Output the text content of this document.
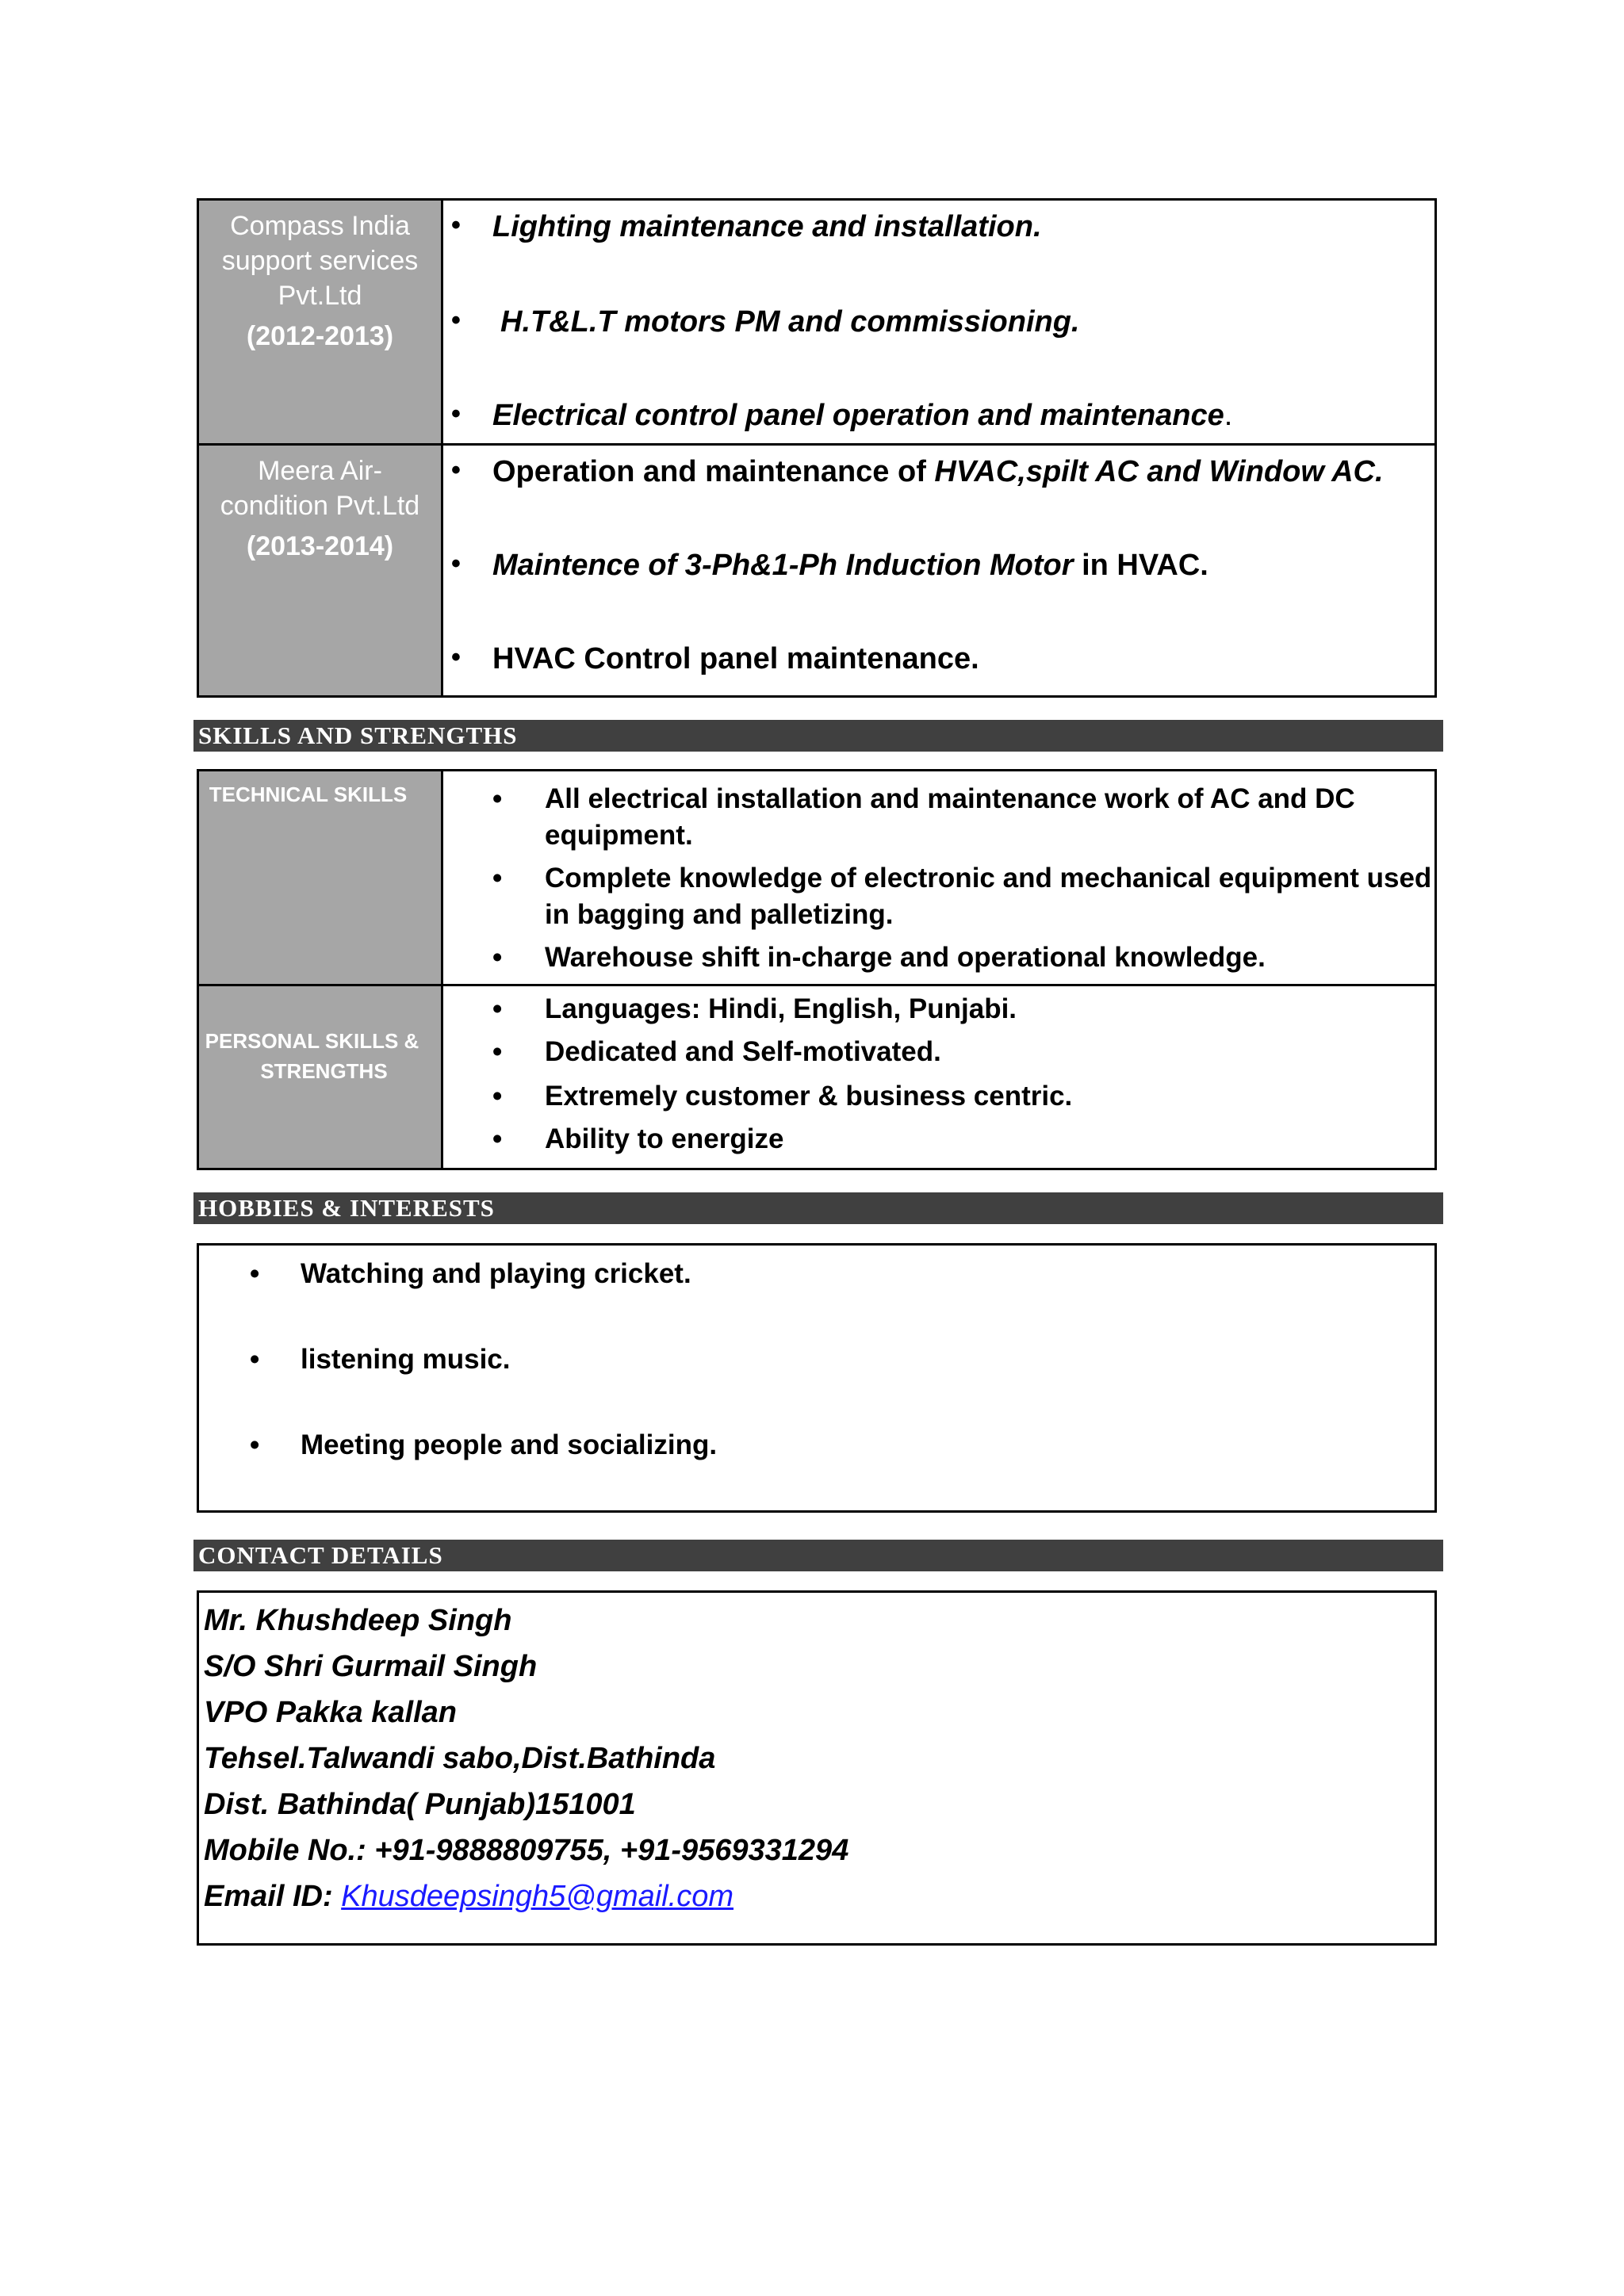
Compass India
support services
Pvt.Ltd
(2012-2013)
• Lighting maintenance and installation.
• H.T&L.T motors PM and commissioning.
• Electrical control panel operation and maintenance.
Meera Air-
condition Pvt.Ltd
(2013-2014)
• Operation and maintenance of HVAC,spilt AC and Window AC.
• Maintence of 3-Ph&1-Ph Induction Motor in HVAC.
• HVAC Control panel maintenance.
SKILLS AND STRENGTHS
TECHNICAL SKILLS	• All electrical installation and maintenance work of AC and DC equipment.
• Complete knowledge of electronic and mechanical equipment used in bagging and palletizing.
• Warehouse shift in-charge and operational knowledge.
PERSONAL SKILLS &
STRENGTHS
• Languages: Hindi, English, Punjabi.
• Dedicated and Self-motivated.
• Extremely customer & business centric.
• Ability to energize
HOBBIES & INTERESTS
• Watching and playing cricket.
• listening music.
• Meeting people and socializing.
CONTACT DETAILS
Mr. Khushdeep Singh
S/O Shri Gurmail Singh
VPO Pakka kallan
Tehsel.Talwandi sabo,Dist.Bathinda
Dist. Bathinda( Punjab)151001
Mobile No.: +91-9888809755, +91-9569331294
Email ID: Khusdeepsingh5@gmail.com
